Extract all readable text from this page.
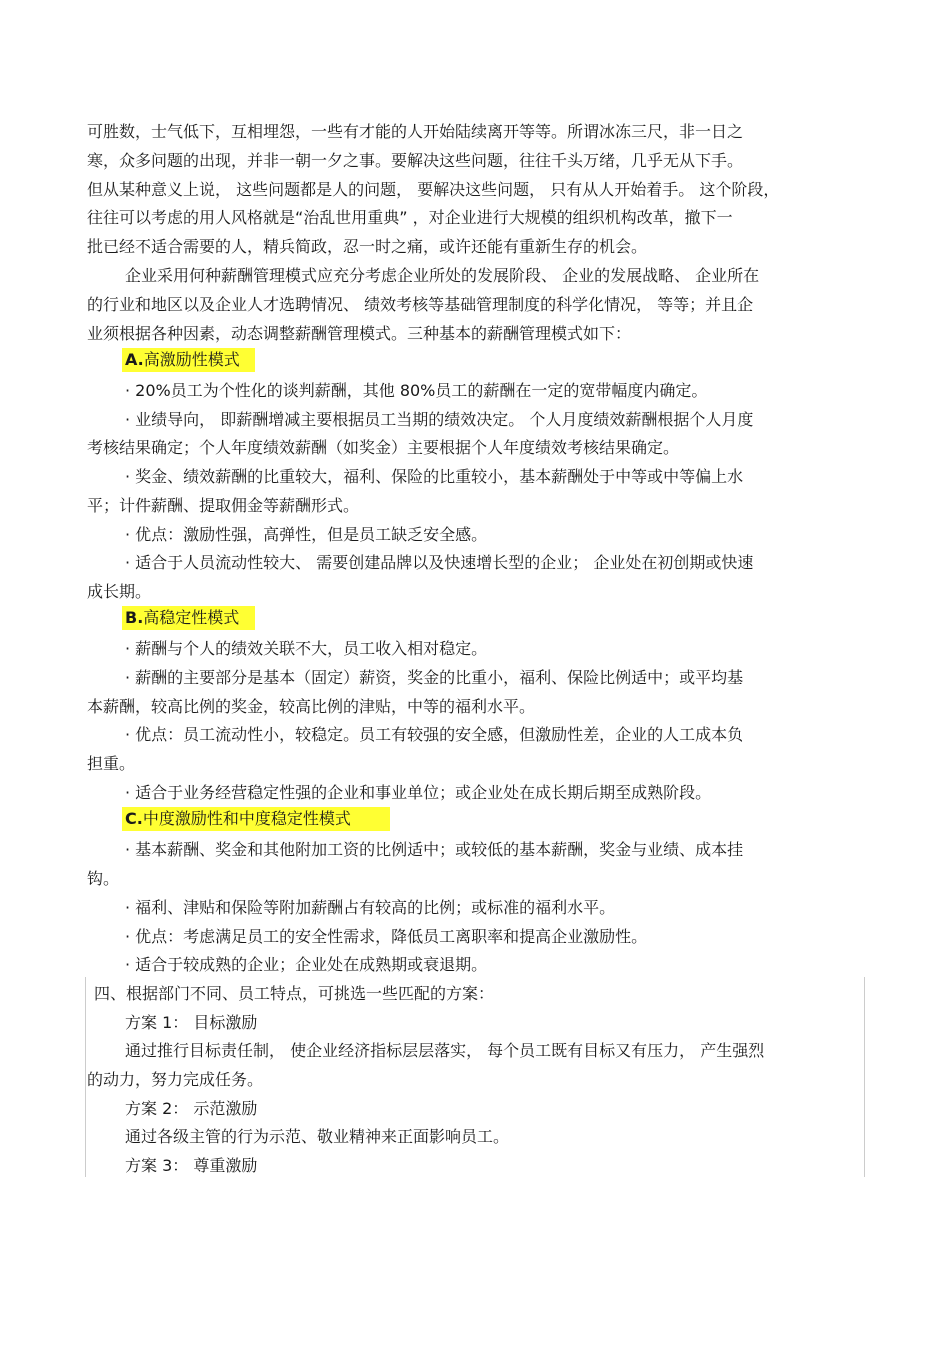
可胜数，士气低下，互相埋怨，一些有才能的人开始陆续离开等等。所谓冰冻三尺，非一日之
寒，众多问题的出现，并非一朝一夕之事。要解决这些问题，往往千头万绪，几乎无从下手。
但从某种意义上说， 这些问题都是人的问题， 要解决这些问题， 只有从人开始着手。 这个阶段，
往往可以考虑的用人风格就是“治乱世用重典” ，对企业进行大规模的组织机构改革，撤下一
批已经不适合需要的人，精兵简政，忍一时之痛，或许还能有重新生存的机会。
企业采用何种薪酬管理模式应充分考虑企业所处的发展阶段、 企业的发展战略、 企业所在
的行业和地区以及企业人才选聘情况、 绩效考核等基础管理制度的科学化情况， 等等；并且企
业须根据各种因素，动态调整薪酬管理模式。三种基本的薪酬管理模式如下：
A.高激励性模式
· 20%员工为个性化的谈判薪酬，其他 80%员工的薪酬在一定的宽带幅度内确定。
· 业绩导向， 即薪酬增减主要根据员工当期的绩效决定。 个人月度绩效薪酬根据个人月度
考核结果确定；个人年度绩效薪酬（如奖金）主要根据个人年度绩效考核结果确定。
· 奖金、绩效薪酬的比重较大，福利、保险的比重较小，基本薪酬处于中等或中等偏上水
平；计件薪酬、提取佣金等薪酬形式。
· 优点：激励性强，高弹性，但是员工缺乏安全感。
· 适合于人员流动性较大、 需要创建品牌以及快速增长型的企业； 企业处在初创期或快速
成长期。
B.高稳定性模式
· 薪酬与个人的绩效关联不大，员工收入相对稳定。
· 薪酬的主要部分是基本（固定）薪资，奖金的比重小，福利、保险比例适中；或平均基
本薪酬，较高比例的奖金，较高比例的津贴，中等的福利水平。
· 优点：员工流动性小，较稳定。员工有较强的安全感，但激励性差，企业的人工成本负
担重。
· 适合于业务经营稳定性强的企业和事业单位；或企业处在成长期后期至成熟阶段。
C.中度激励性和中度稳定性模式
· 基本薪酬、奖金和其他附加工资的比例适中；或较低的基本薪酬，奖金与业绩、成本挂
钩。
· 福利、津贴和保险等附加薪酬占有较高的比例；或标准的福利水平。
· 优点：考虑满足员工的安全性需求，降低员工离职率和提高企业激励性。
· 适合于较成熟的企业；企业处在成熟期或衰退期。
四、根据部门不同、员工特点，可挑选一些匹配的方案：
方案 1： 目标激励
通过推行目标责任制， 使企业经济指标层层落实， 每个员工既有目标又有压力， 产生强烈
的动力，努力完成任务。
方案 2： 示范激励
通过各级主管的行为示范、敬业精神来正面影响员工。
方案 3： 尊重激励
